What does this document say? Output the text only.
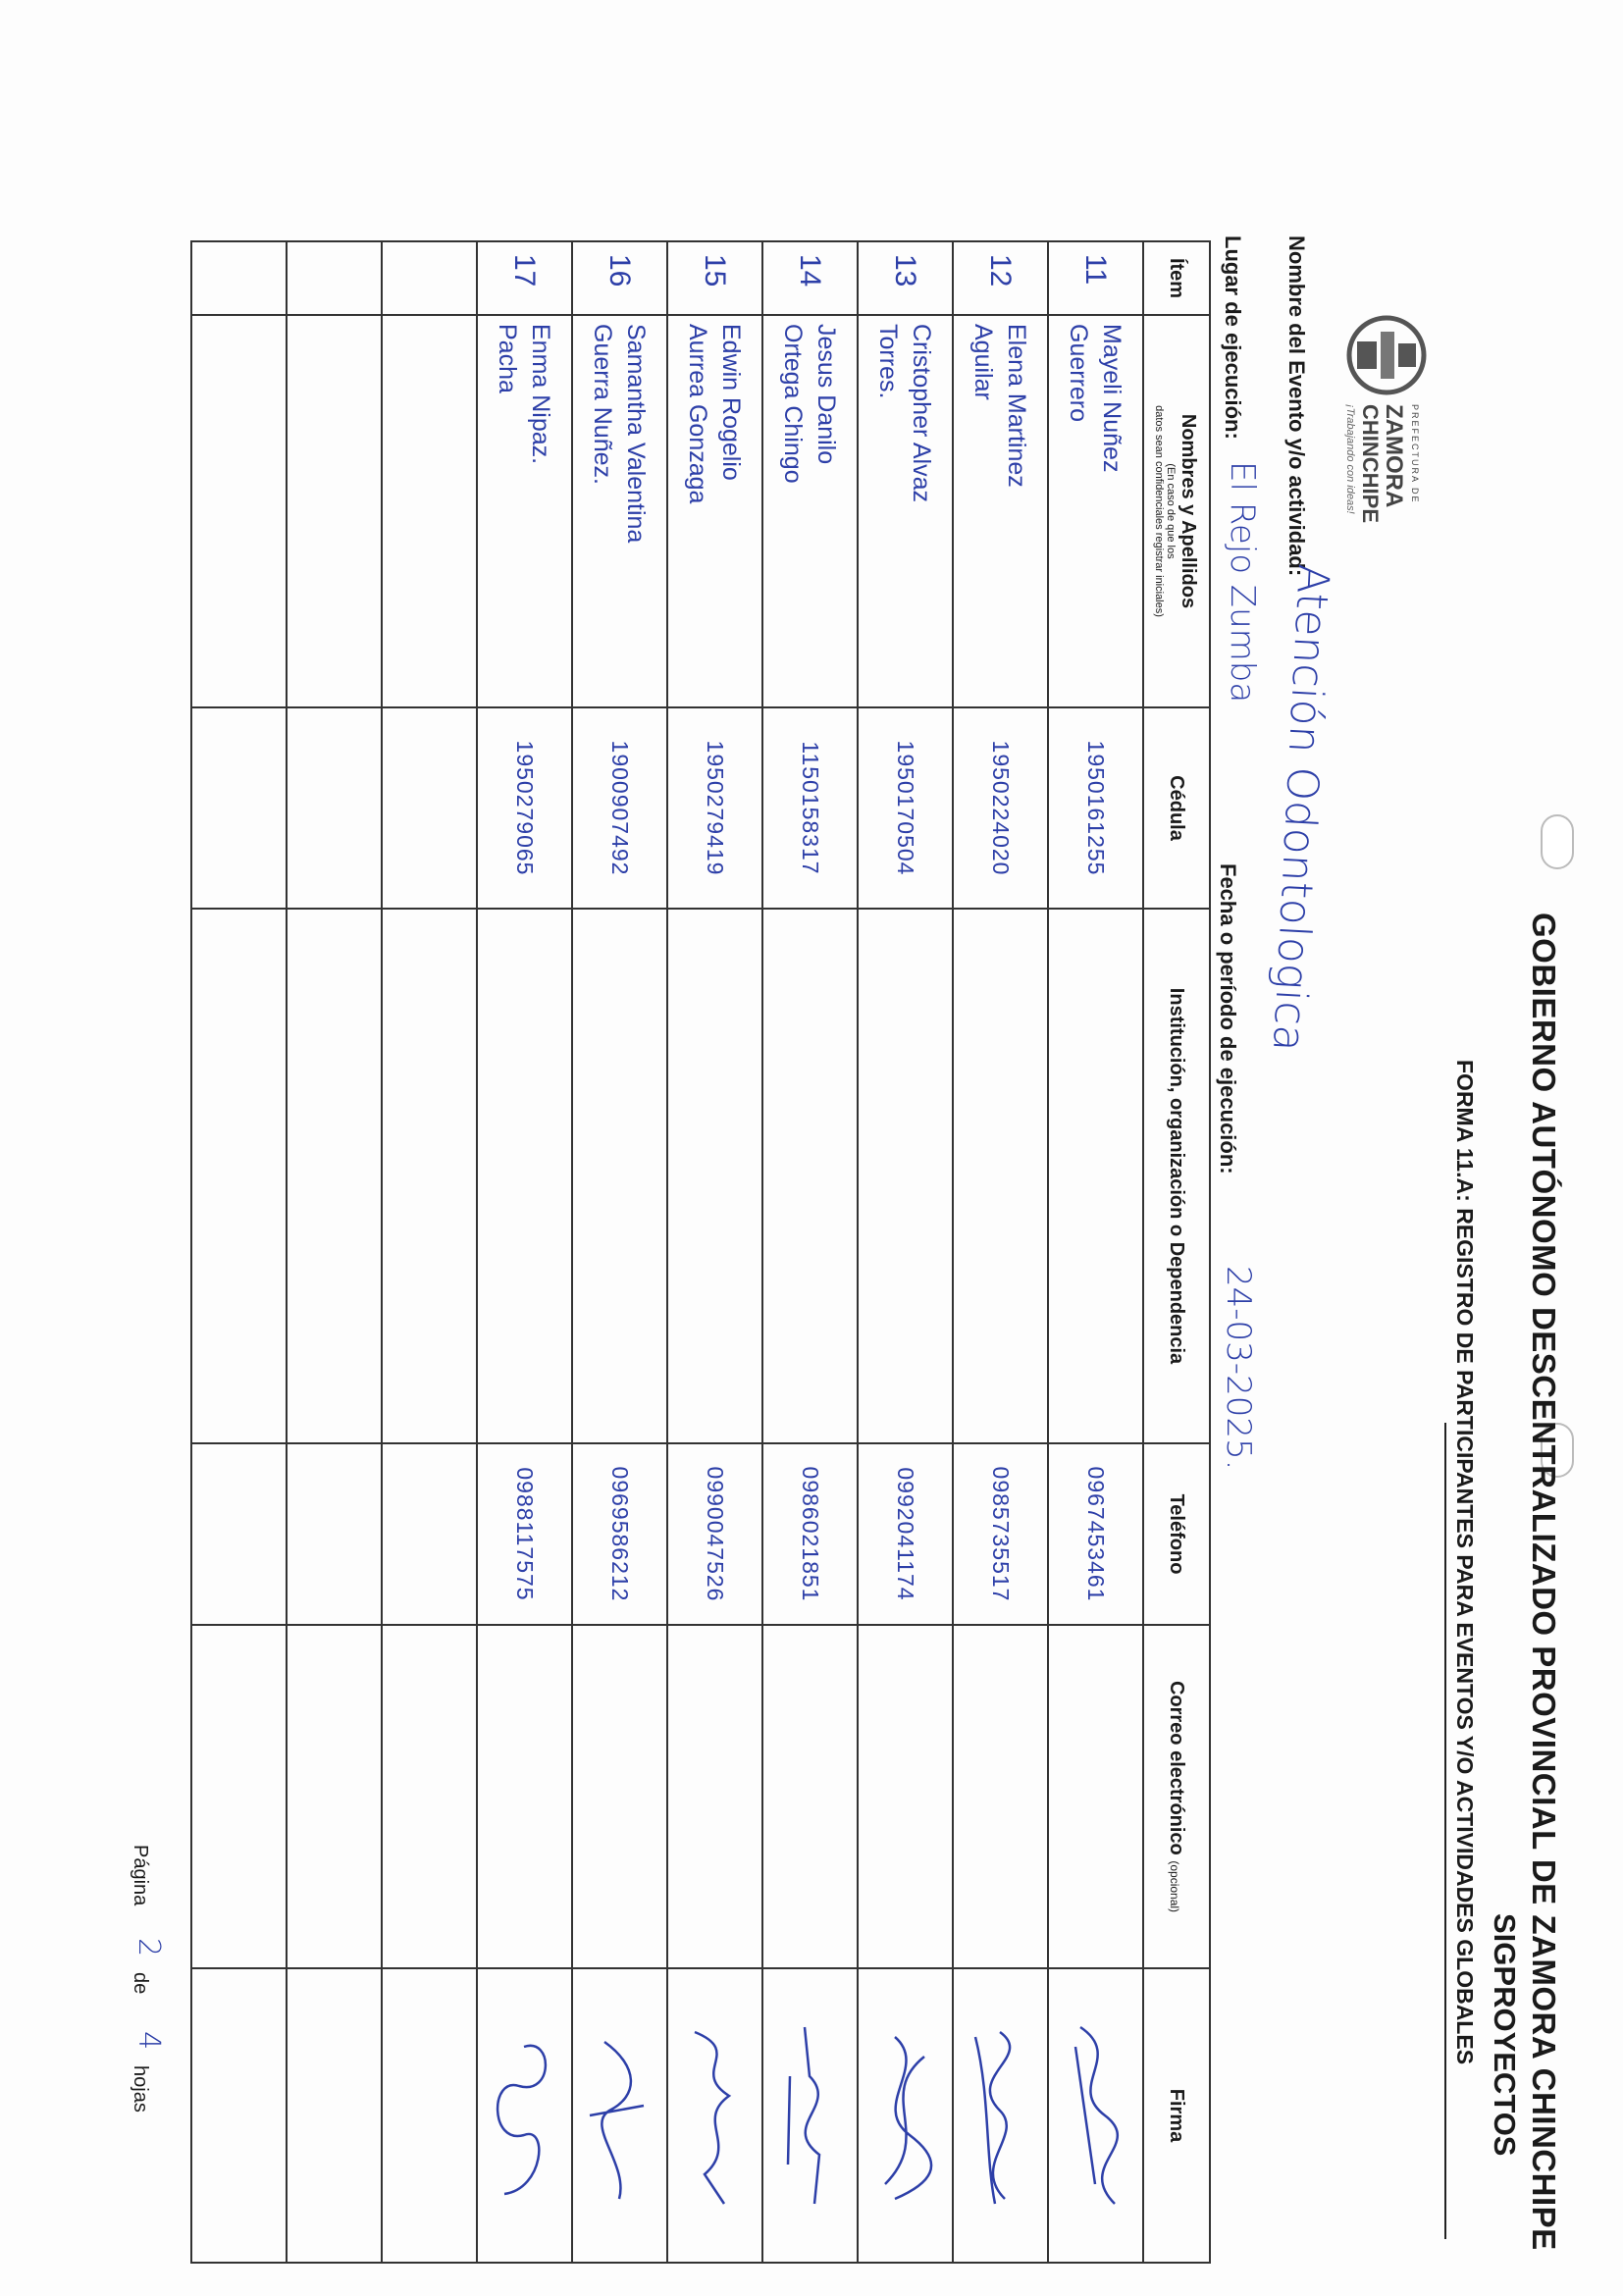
GOBIERNO AUTÓNOMO DESCENTRALIZADO PROVINCIAL DE ZAMORA CHINCHIPE
SIGPROYECTOS
FORMA 11.A: REGISTRO DE PARTICIPANTES PARA EVENTOS Y/O ACTIVIDADES GLOBALES
PREFECTURA DE
ZAMORA
CHINCHIPE
¡Trabajando con ideas!
Nombre del Evento y/o actividad:
Atención Odontologica
Lugar de ejecución:
El Rejo Zumba
Fecha o período de ejecución:
24-03-2025.
Ítem	Nombres y Apellidos
(En caso de que los
datos sean confidenciales registrar iniciales)	Cédula	Institución, organización o Dependencia	Teléfono	Correo electrónico (opcional)	Firma
11	Mayeli Nuñez
Guerrero	1950161255		0967453461		

12	Elena Martinez
Aguilar	1950224020		0985735517		

13	Cristopher Alvaz
Torres.	1950170504		0992041174		

14	Jesus Danilo
Ortega Chingo	1150158317		0986021851		

15	Edwin Rogelio
Aurrea Gonzaga	1950279419		0990047526		

16	Samantha Valentina
Guerra Nuñez.	1900907492		0969586212		

17	Enma Nipaz.
Pacha	1950279065		0988117575		

Página
2
de
4
hojas
